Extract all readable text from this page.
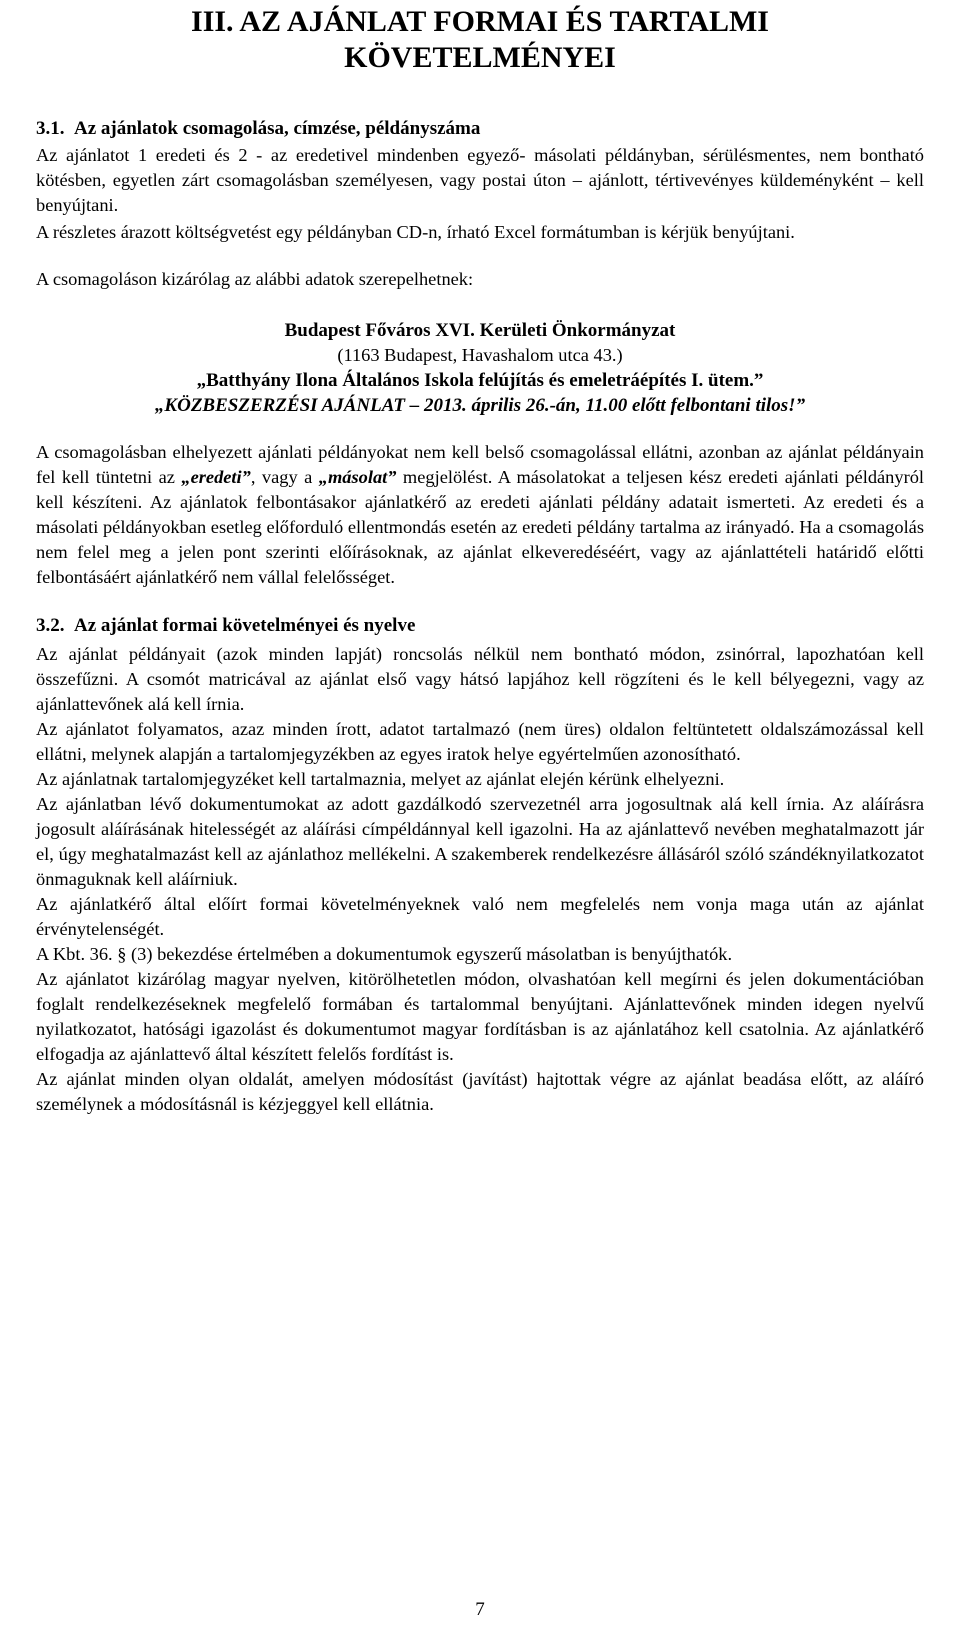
III. AZ AJÁNLAT FORMAI ÉS TARTALMI
KÖVETELMÉNYEI
3.1. Az ajánlatok csomagolása, címzése, példányszáma

Az ajánlatot 1 eredeti és 2 - az eredetivel mindenben egyező- másolati példányban, sérülésmentes, nem bontható kötésben, egyetlen zárt csomagolásban személyesen, vagy postai úton – ajánlott, tértivevényes küldeményként – kell benyújtani.

A részletes árazott költségvetést egy példányban CD-n, írható Excel formátumban is kérjük benyújtani.

A csomagoláson kizárólag az alábbi adatok szerepelhetnek:

Budapest Főváros XVI. Kerületi Önkormányzat
(1163 Budapest, Havashalom utca 43.)
„Batthyány Ilona Általános Iskola felújítás és emeletráépítés I. ütem.”
„KÖZBESZERZÉSI AJÁNLAT – 2013. április 26.-án, 11.00 előtt felbontani tilos!”

A csomagolásban elhelyezett ajánlati példányokat nem kell belső csomagolással ellátni, azonban az ajánlat példányain fel kell tüntetni az „eredeti”, vagy a „másolat” megjelölést. A másolatokat a teljesen kész eredeti ajánlati példányról kell készíteni. Az ajánlatok felbontásakor ajánlatkérő az eredeti ajánlati példány adatait ismerteti. Az eredeti és a másolati példányokban esetleg előforduló ellentmondás esetén az eredeti példány tartalma az irányadó. Ha a csomagolás nem felel meg a jelen pont szerinti előírásoknak, az ajánlat elkeveredéséért, vagy az ajánlattételi határidő előtti felbontásáért ajánlatkérő nem vállal felelősséget.

3.2. Az ajánlat formai követelményei és nyelve

Az ajánlat példányait (azok minden lapját) roncsolás nélkül nem bontható módon, zsinórral, lapozhatóan kell összefűzni. A csomót matricával az ajánlat első vagy hátsó lapjához kell rögzíteni és le kell bélyegezni, vagy az ajánlattevőnek alá kell írnia.

Az ajánlatot folyamatos, azaz minden írott, adatot tartalmazó (nem üres) oldalon feltüntetett oldalszámozással kell ellátni, melynek alapján a tartalomjegyzékben az egyes iratok helye egyértelműen azonosítható.

Az ajánlatnak tartalomjegyzéket kell tartalmaznia, melyet az ajánlat elején kérünk elhelyezni.

Az ajánlatban lévő dokumentumokat az adott gazdálkodó szervezetnél arra jogosultnak alá kell írnia. Az aláírásra jogosult aláírásának hitelességét az aláírási címpéldánnyal kell igazolni. Ha az ajánlattevő nevében meghatalmazott jár el, úgy meghatalmazást kell az ajánlathoz mellékelni. A szakemberek rendelkezésre állásáról szóló szándéknyilatkozatot önmaguknak kell aláírniuk.

Az ajánlatkérő által előírt formai követelményeknek való nem megfelelés nem vonja maga után az ajánlat érvénytelenségét.

A Kbt. 36. § (3) bekezdése értelmében a dokumentumok egyszerű másolatban is benyújthatók.

Az ajánlatot kizárólag magyar nyelven, kitörölhetetlen módon, olvashatóan kell megírni és jelen dokumentációban foglalt rendelkezéseknek megfelelő formában és tartalommal benyújtani. Ajánlattevőnek minden idegen nyelvű nyilatkozatot, hatósági igazolást és dokumentumot magyar fordításban is az ajánlatához kell csatolnia. Az ajánlatkérő elfogadja az ajánlattevő által készített felelős fordítást is.

Az ajánlat minden olyan oldalát, amelyen módosítást (javítást) hajtottak végre az ajánlat beadása előtt, az aláíró személynek a módosításnál is kézjeggyel kell ellátnia.

7
